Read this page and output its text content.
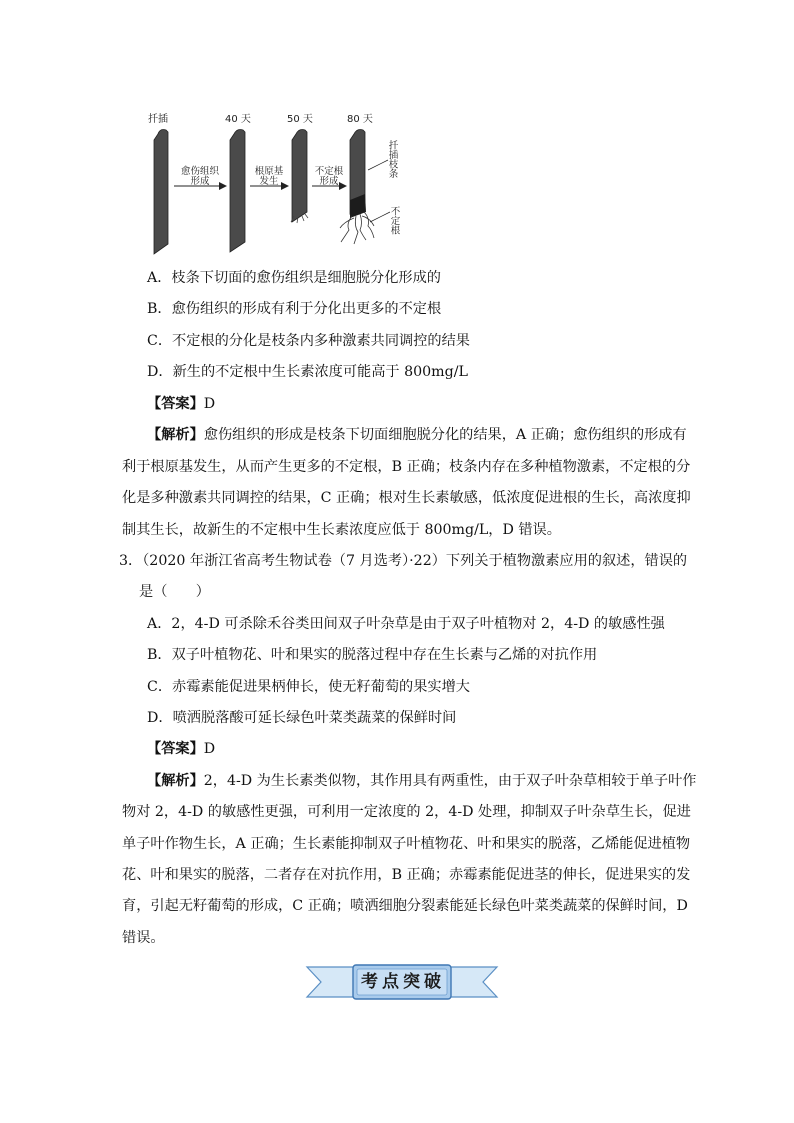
扦插	40 天	50 天	80 天
愈伤组织
形成
根原基
发生
不定根
形成
扦插枝条
不定根
A．枝条下切面的愈伤组织是细胞脱分化形成的
B．愈伤组织的形成有利于分化出更多的不定根
C．不定根的分化是枝条内多种激素共同调控的结果
D．新生的不定根中生长素浓度可能高于 800mg/L
【答案】D
【解析】愈伤组织的形成是枝条下切面细胞脱分化的结果，A 正确；愈伤组织的形成有
利于根原基发生，从而产生更多的不定根，B 正确；枝条内存在多种植物激素，不定根的分
化是多种激素共同调控的结果，C 正确；根对生长素敏感，低浓度促进根的生长，高浓度抑
制其生长，故新生的不定根中生长素浓度应低于 800mg/L，D 错误。
3．（2020 年浙江省高考生物试卷（7 月选考）·22）下列关于植物激素应用的叙述，错误的
是（　　）
A．2，4-D 可杀除禾谷类田间双子叶杂草是由于双子叶植物对 2，4-D 的敏感性强
B．双子叶植物花、叶和果实的脱落过程中存在生长素与乙烯的对抗作用
C．赤霉素能促进果柄伸长，使无籽葡萄的果实增大
D．喷洒脱落酸可延长绿色叶菜类蔬菜的保鲜时间
【答案】D
【解析】2，4-D 为生长素类似物，其作用具有两重性，由于双子叶杂草相较于单子叶作
物对 2，4-D 的敏感性更强，可利用一定浓度的 2，4-D 处理，抑制双子叶杂草生长，促进
单子叶作物生长，A 正确；生长素能抑制双子叶植物花、叶和果实的脱落，乙烯能促进植物
花、叶和果实的脱落，二者存在对抗作用，B 正确；赤霉素能促进茎的伸长，促进果实的发
育，引起无籽葡萄的形成，C 正确；喷洒细胞分裂素能延长绿色叶菜类蔬菜的保鲜时间，D
错误。
考点突破
